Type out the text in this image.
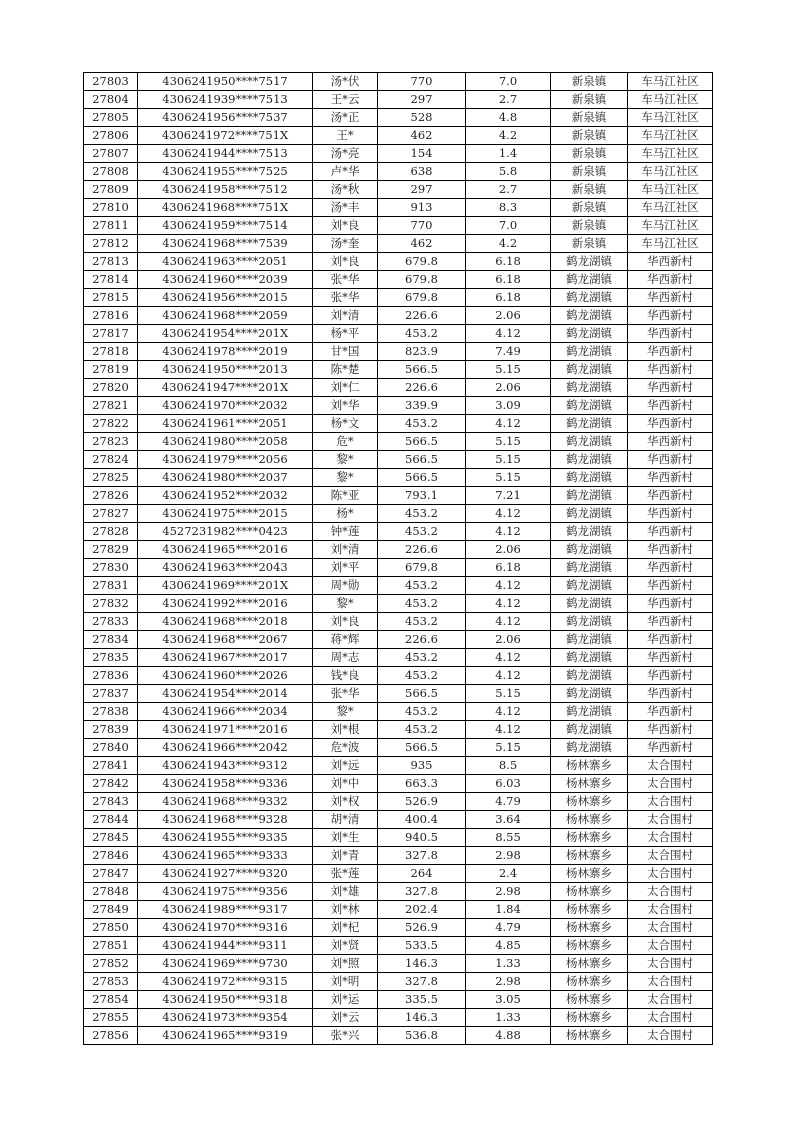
27803	4306241950****7517	汤*伏	770	7.0	新泉镇	车马江社区
27804	4306241939****7513	王*云	297	2.7	新泉镇	车马江社区
27805	4306241956****7537	汤*正	528	4.8	新泉镇	车马江社区
27806	4306241972****751X	王*	462	4.2	新泉镇	车马江社区
27807	4306241944****7513	汤*亮	154	1.4	新泉镇	车马江社区
27808	4306241955****7525	卢*华	638	5.8	新泉镇	车马江社区
27809	4306241958****7512	汤*秋	297	2.7	新泉镇	车马江社区
27810	4306241968****751X	汤*丰	913	8.3	新泉镇	车马江社区
27811	4306241959****7514	刘*良	770	7.0	新泉镇	车马江社区
27812	4306241968****7539	汤*奎	462	4.2	新泉镇	车马江社区
27813	4306241963****2051	刘*良	679.8	6.18	鹤龙湖镇	华西新村
27814	4306241960****2039	张*华	679.8	6.18	鹤龙湖镇	华西新村
27815	4306241956****2015	张*华	679.8	6.18	鹤龙湖镇	华西新村
27816	4306241968****2059	刘*清	226.6	2.06	鹤龙湖镇	华西新村
27817	4306241954****201X	杨*平	453.2	4.12	鹤龙湖镇	华西新村
27818	4306241978****2019	甘*国	823.9	7.49	鹤龙湖镇	华西新村
27819	4306241950****2013	陈*楚	566.5	5.15	鹤龙湖镇	华西新村
27820	4306241947****201X	刘*仁	226.6	2.06	鹤龙湖镇	华西新村
27821	4306241970****2032	刘*华	339.9	3.09	鹤龙湖镇	华西新村
27822	4306241961****2051	杨*文	453.2	4.12	鹤龙湖镇	华西新村
27823	4306241980****2058	危*	566.5	5.15	鹤龙湖镇	华西新村
27824	4306241979****2056	黎*	566.5	5.15	鹤龙湖镇	华西新村
27825	4306241980****2037	黎*	566.5	5.15	鹤龙湖镇	华西新村
27826	4306241952****2032	陈*亚	793.1	7.21	鹤龙湖镇	华西新村
27827	4306241975****2015	杨*	453.2	4.12	鹤龙湖镇	华西新村
27828	4527231982****0423	钟*莲	453.2	4.12	鹤龙湖镇	华西新村
27829	4306241965****2016	刘*清	226.6	2.06	鹤龙湖镇	华西新村
27830	4306241963****2043	刘*平	679.8	6.18	鹤龙湖镇	华西新村
27831	4306241969****201X	周*勋	453.2	4.12	鹤龙湖镇	华西新村
27832	4306241992****2016	黎*	453.2	4.12	鹤龙湖镇	华西新村
27833	4306241968****2018	刘*良	453.2	4.12	鹤龙湖镇	华西新村
27834	4306241968****2067	蒋*辉	226.6	2.06	鹤龙湖镇	华西新村
27835	4306241967****2017	周*志	453.2	4.12	鹤龙湖镇	华西新村
27836	4306241960****2026	钱*良	453.2	4.12	鹤龙湖镇	华西新村
27837	4306241954****2014	张*华	566.5	5.15	鹤龙湖镇	华西新村
27838	4306241966****2034	黎*	453.2	4.12	鹤龙湖镇	华西新村
27839	4306241971****2016	刘*根	453.2	4.12	鹤龙湖镇	华西新村
27840	4306241966****2042	危*波	566.5	5.15	鹤龙湖镇	华西新村
27841	4306241943****9312	刘*远	935	8.5	杨林寨乡	太合围村
27842	4306241958****9336	刘*中	663.3	6.03	杨林寨乡	太合围村
27843	4306241968****9332	刘*权	526.9	4.79	杨林寨乡	太合围村
27844	4306241968****9328	胡*清	400.4	3.64	杨林寨乡	太合围村
27845	4306241955****9335	刘*生	940.5	8.55	杨林寨乡	太合围村
27846	4306241965****9333	刘*青	327.8	2.98	杨林寨乡	太合围村
27847	4306241927****9320	张*莲	264	2.4	杨林寨乡	太合围村
27848	4306241975****9356	刘*雄	327.8	2.98	杨林寨乡	太合围村
27849	4306241989****9317	刘*林	202.4	1.84	杨林寨乡	太合围村
27850	4306241970****9316	刘*杞	526.9	4.79	杨林寨乡	太合围村
27851	4306241944****9311	刘*贤	533.5	4.85	杨林寨乡	太合围村
27852	4306241969****9730	刘*照	146.3	1.33	杨林寨乡	太合围村
27853	4306241972****9315	刘*明	327.8	2.98	杨林寨乡	太合围村
27854	4306241950****9318	刘*运	335.5	3.05	杨林寨乡	太合围村
27855	4306241973****9354	刘*云	146.3	1.33	杨林寨乡	太合围村
27856	4306241965****9319	张*兴	536.8	4.88	杨林寨乡	太合围村
